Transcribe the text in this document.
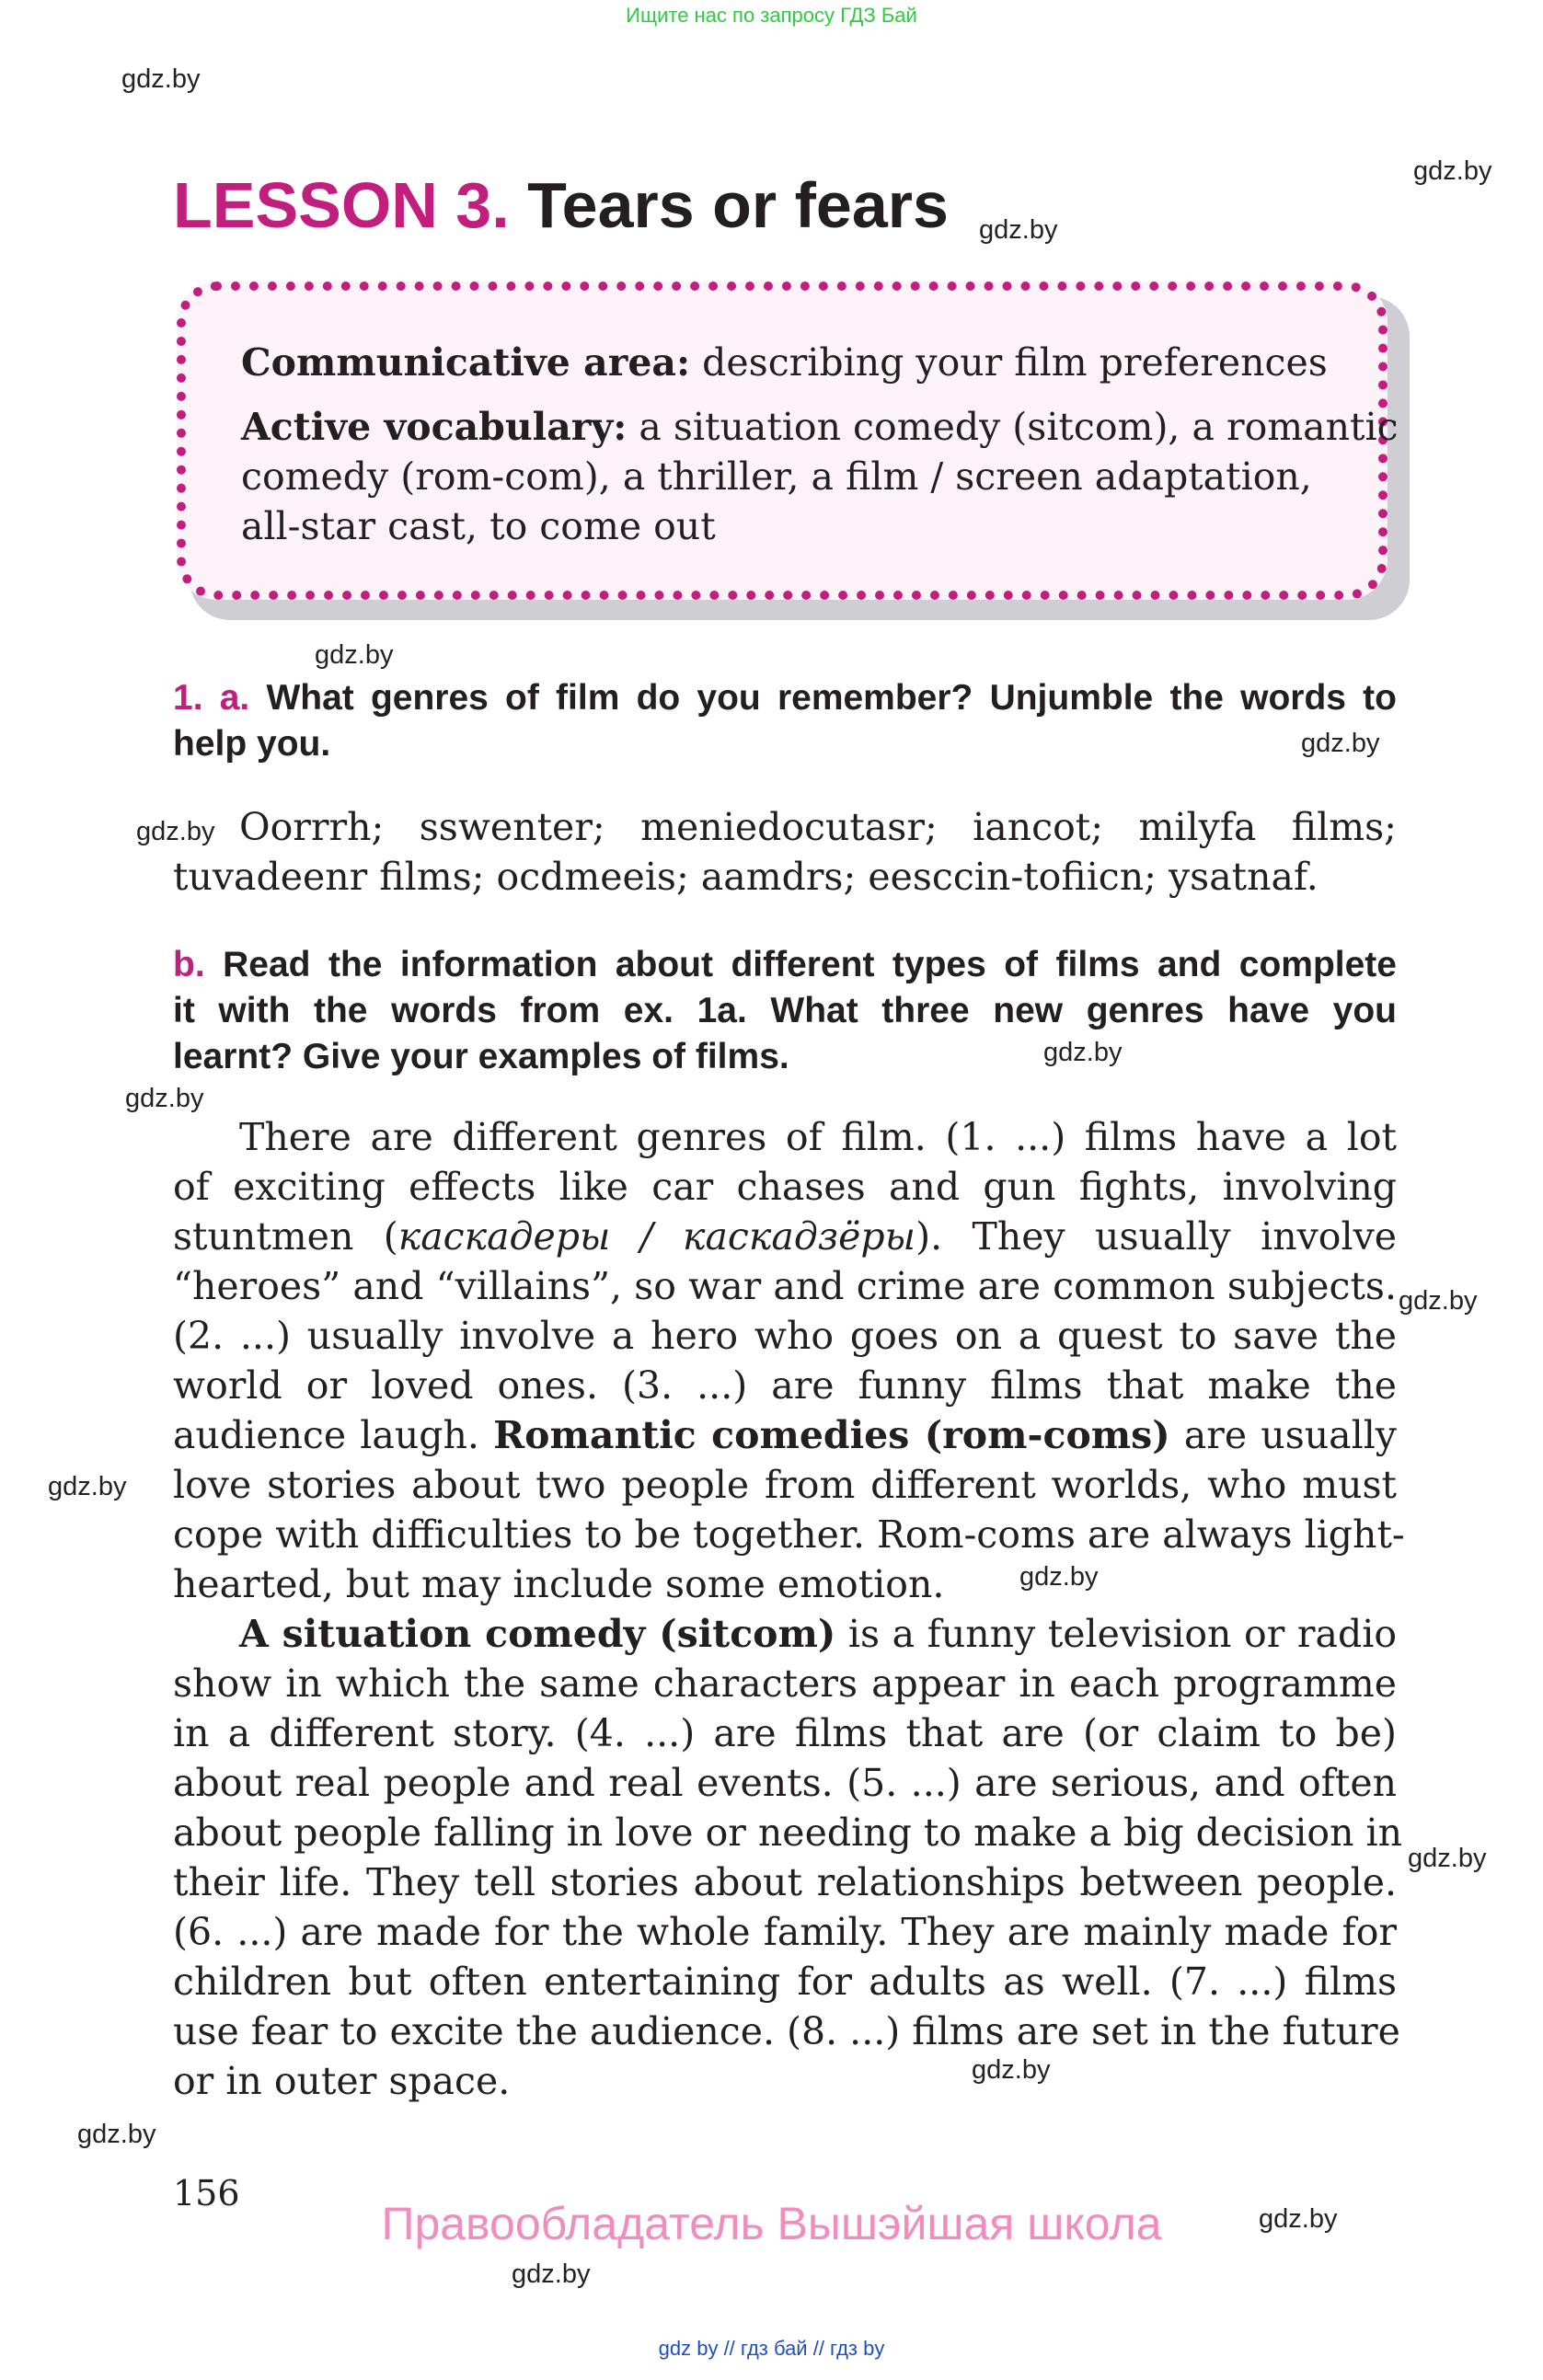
Ищите нас по запросу ГДЗ Бай
gdz.by
gdz.by
gdz.by
gdz.by
gdz.by
gdz.by
gdz.by
gdz.by
gdz.by
gdz.by
gdz.by
gdz.by
gdz.by
gdz.by
gdz.by
gdz.by
LESSON 3. Tears or fears
Communicative area: describing your film preferences
Active vocabulary: a situation comedy (sitcom), a romantic
comedy (rom-com), a thriller, a film / screen adaptation,
all-star cast, to come out
1. a. What genres of film do you remember? Unjumble the words to
help you.
Oorrrh; sswenter; meniedocutasr; iancot; milyfa films;
tuvadeenr films; ocdmeeis; aamdrs; eesccin-tofiicn; ysatnaf.
b. Read the information about different types of films and complete
it with the words from ex. 1a. What three new genres have you
learnt? Give your examples of films.
There are different genres of film. (1. ...) films have a lot
of exciting effects like car chases and gun fights, involving
stuntmen (каскадеры / каскадзёры). They usually involve
“heroes” and “villains”, so war and crime are common subjects.
(2. ...) usually involve a hero who goes on a quest to save the
world or loved ones. (3. ...) are funny films that make the
audience laugh. Romantic comedies (rom-coms) are usually
love stories about two people from different worlds, who must
cope with difficulties to be together. Rom-coms are always light-
hearted, but may include some emotion.
A situation comedy (sitcom) is a funny television or radio
show in which the same characters appear in each programme
in a different story. (4. ...) are films that are (or claim to be)
about real people and real events. (5. ...) are serious, and often
about people falling in love or needing to make a big decision in
their life. They tell stories about relationships between people.
(6. ...) are made for the whole family. They are mainly made for
children but often entertaining for adults as well. (7. ...) films
use fear to excite the audience. (8. ...) films are set in the future
or in outer space.
156
Правообладатель Вышэйшая школа
gdz by // гдз бай // гдз by
